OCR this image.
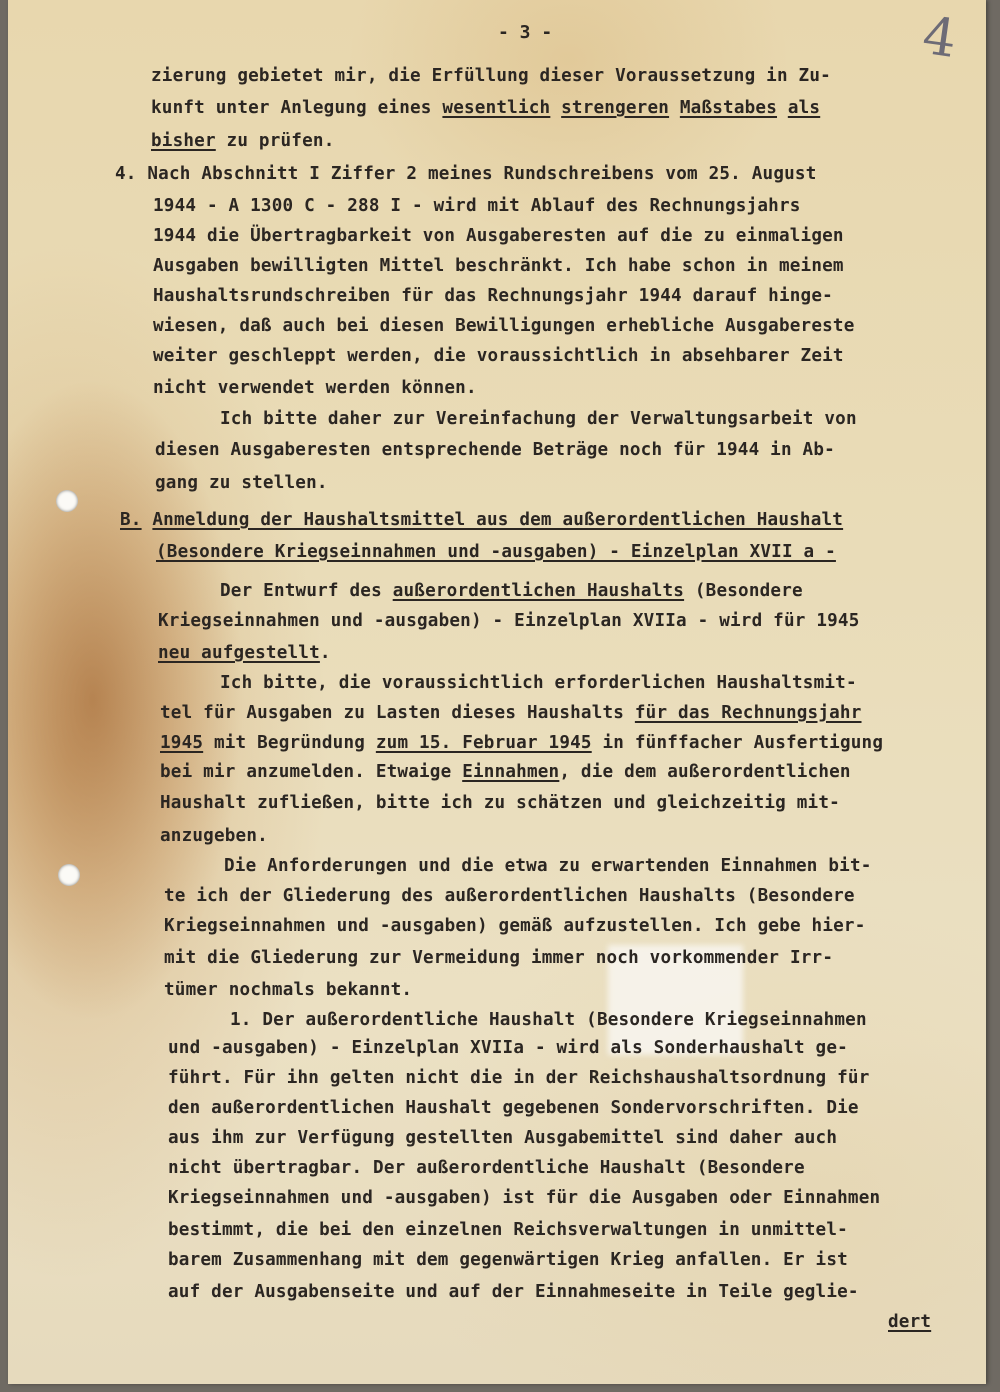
- 3 -	4

zierung gebietet mir, die Erfüllung dieser Voraussetzung in Zu-

kunft unter Anlegung eines wesentlich strengeren Maßstabes als

bisher zu prüfen.

4. Nach Abschnitt I Ziffer 2 meines Rundschreibens vom 25. August

1944 - A 1300 C - 288 I - wird mit Ablauf des Rechnungsjahrs

1944 die Übertragbarkeit von Ausgaberesten auf die zu einmaligen

Ausgaben bewilligten Mittel beschränkt. Ich habe schon in meinem

Haushaltsrundschreiben für das Rechnungsjahr 1944 darauf hinge-

wiesen, daß auch bei diesen Bewilligungen erhebliche Ausgabereste

weiter geschleppt werden, die voraussichtlich in absehbarer Zeit

nicht verwendet werden können.

Ich bitte daher zur Vereinfachung der Verwaltungsarbeit von

diesen Ausgaberesten entsprechende Beträge noch für 1944 in Ab-

gang zu stellen.

B. Anmeldung der Haushaltsmittel aus dem außerordentlichen Haushalt

(Besondere Kriegseinnahmen und -ausgaben) - Einzelplan XVII a -

Der Entwurf des außerordentlichen Haushalts (Besondere

Kriegseinnahmen und -ausgaben) - Einzelplan XVIIa - wird für 1945

neu aufgestellt.

Ich bitte, die voraussichtlich erforderlichen Haushaltsmit-

tel für Ausgaben zu Lasten dieses Haushalts für das Rechnungsjahr

1945 mit Begründung zum 15. Februar 1945 in fünffacher Ausfertigung

bei mir anzumelden. Etwaige Einnahmen, die dem außerordentlichen

Haushalt zufließen, bitte ich zu schätzen und gleichzeitig mit-

anzugeben.

Die Anforderungen und die etwa zu erwartenden Einnahmen bit-

te ich der Gliederung des außerordentlichen Haushalts (Besondere

Kriegseinnahmen und -ausgaben) gemäß aufzustellen. Ich gebe hier-

mit die Gliederung zur Vermeidung immer noch vorkommender Irr-

tümer nochmals bekannt.

1. Der außerordentliche Haushalt (Besondere Kriegseinnahmen

und -ausgaben) - Einzelplan XVIIa - wird als Sonderhaushalt ge-

führt. Für ihn gelten nicht die in der Reichshaushaltsordnung für

den außerordentlichen Haushalt gegebenen Sondervorschriften. Die

aus ihm zur Verfügung gestellten Ausgabemittel sind daher auch

nicht übertragbar. Der außerordentliche Haushalt (Besondere

Kriegseinnahmen und -ausgaben) ist für die Ausgaben oder Einnahmen

bestimmt, die bei den einzelnen Reichsverwaltungen in unmittel-

barem Zusammenhang mit dem gegenwärtigen Krieg anfallen. Er ist

auf der Ausgabenseite und auf der Einnahmeseite in Teile geglie-

dert
